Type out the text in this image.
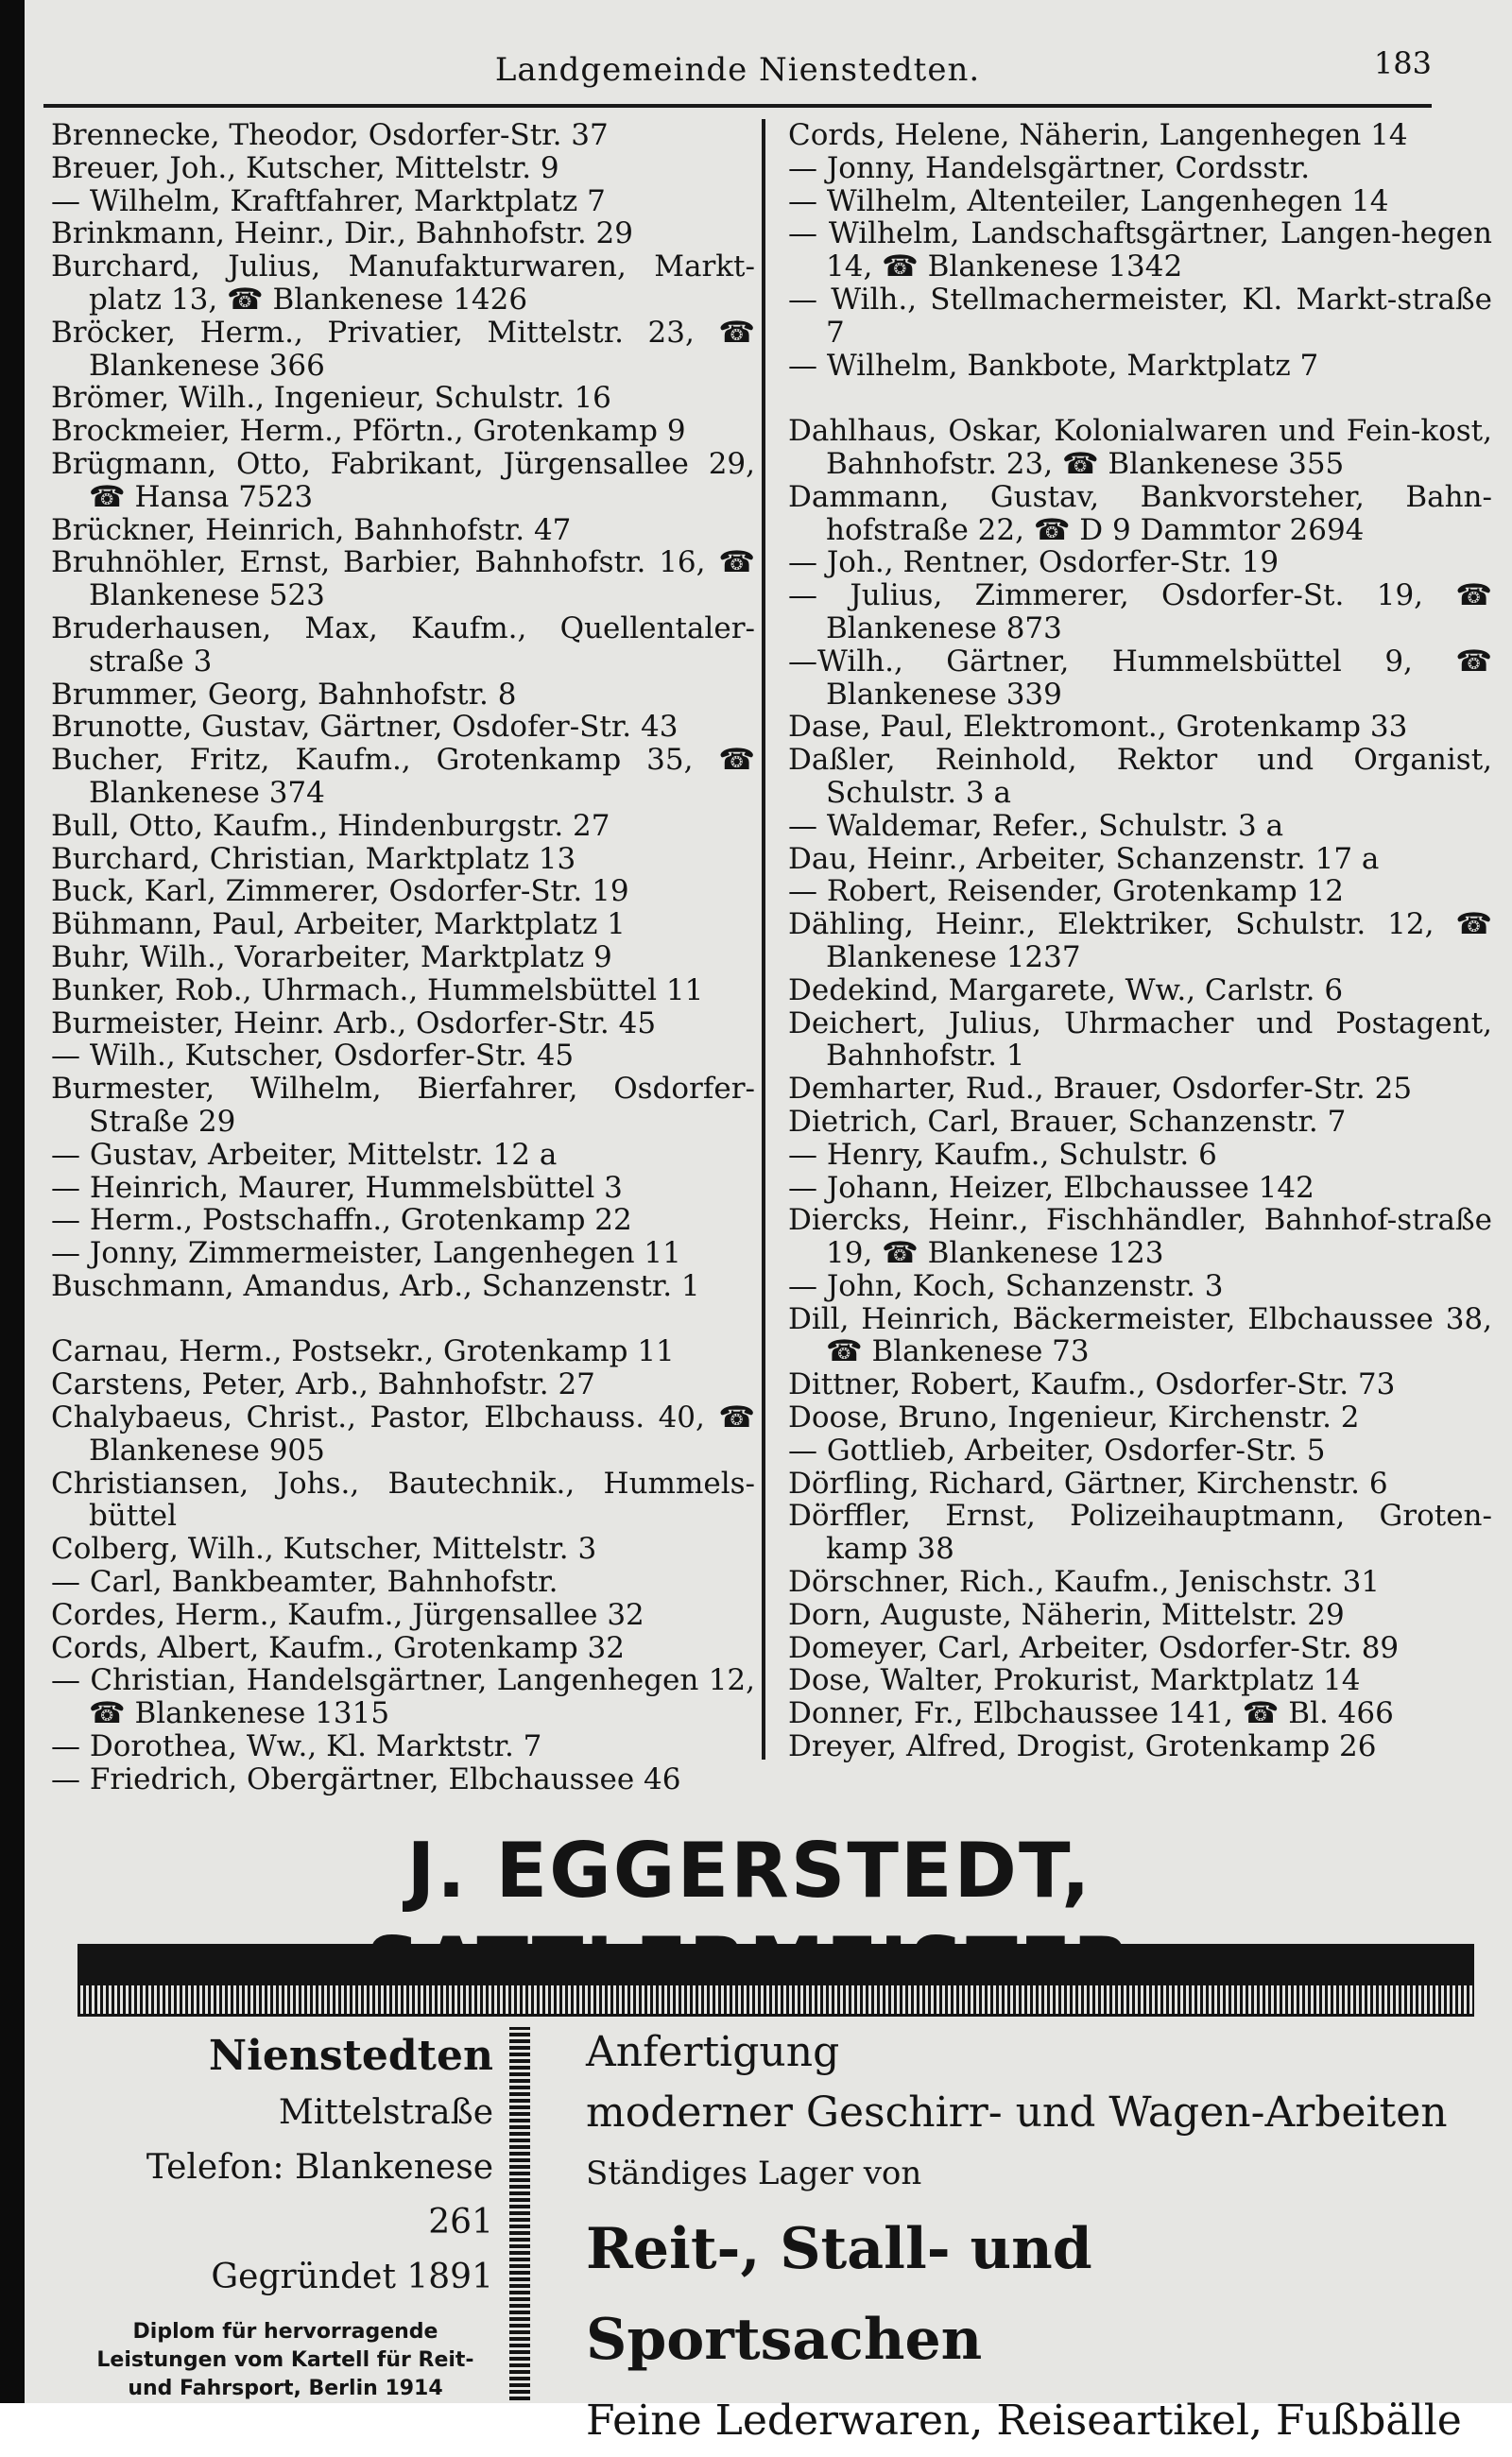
Landgemeinde Nienstedten.	183
Brennecke, Theodor, Osdorfer-Str. 37
Breuer, Joh., Kutscher, Mittelstr. 9
— Wilhelm, Kraftfahrer, Marktplatz 7
Brinkmann, Heinr., Dir., Bahnhofstr. 29
Burchard, Julius, Manufakturwaren, Markt-platz 13, ☎ Blankenese 1426
Bröcker, Herm., Privatier, Mittelstr. 23, ☎ Blankenese 366
Brömer, Wilh., Ingenieur, Schulstr. 16
Brockmeier, Herm., Pförtn., Grotenkamp 9
Brügmann, Otto, Fabrikant, Jürgensallee 29, ☎ Hansa 7523
Brückner, Heinrich, Bahnhofstr. 47
Bruhnöhler, Ernst, Barbier, Bahnhofstr. 16, ☎ Blankenese 523
Bruderhausen, Max, Kaufm., Quellentaler-straße 3
Brummer, Georg, Bahnhofstr. 8
Brunotte, Gustav, Gärtner, Osdofer-Str. 43
Bucher, Fritz, Kaufm., Grotenkamp 35, ☎ Blankenese 374
Bull, Otto, Kaufm., Hindenburgstr. 27
Burchard, Christian, Marktplatz 13
Buck, Karl, Zimmerer, Osdorfer-Str. 19
Bühmann, Paul, Arbeiter, Marktplatz 1
Buhr, Wilh., Vorarbeiter, Marktplatz 9
Bunker, Rob., Uhrmach., Hummelsbüttel 11
Burmeister, Heinr. Arb., Osdorfer-Str. 45
— Wilh., Kutscher, Osdorfer-Str. 45
Burmester, Wilhelm, Bierfahrer, Osdorfer-Straße 29
— Gustav, Arbeiter, Mittelstr. 12 a
— Heinrich, Maurer, Hummelsbüttel 3
— Herm., Postschaffn., Grotenkamp 22
— Jonny, Zimmermeister, Langenhegen 11
Buschmann, Amandus, Arb., Schanzenstr. 1
Carnau, Herm., Postsekr., Grotenkamp 11
Carstens, Peter, Arb., Bahnhofstr. 27
Chalybaeus, Christ., Pastor, Elbchauss. 40, ☎ Blankenese 905
Christiansen, Johs., Bautechnik., Hummels-büttel
Colberg, Wilh., Kutscher, Mittelstr. 3
— Carl, Bankbeamter, Bahnhofstr.
Cordes, Herm., Kaufm., Jürgensallee 32
Cords, Albert, Kaufm., Grotenkamp 32
— Christian, Handelsgärtner, Langenhegen 12, ☎ Blankenese 1315
— Dorothea, Ww., Kl. Marktstr. 7
— Friedrich, Obergärtner, Elbchaussee 46
Cords, Helene, Näherin, Langenhegen 14
— Jonny, Handelsgärtner, Cordsstr.
— Wilhelm, Altenteiler, Langenhegen 14
— Wilhelm, Landschaftsgärtner, Langen-hegen 14, ☎ Blankenese 1342
— Wilh., Stellmachermeister, Kl. Markt-straße 7
— Wilhelm, Bankbote, Marktplatz 7
Dahlhaus, Oskar, Kolonialwaren und Fein-kost, Bahnhofstr. 23, ☎ Blankenese 355
Dammann, Gustav, Bankvorsteher, Bahn-hofstraße 22, ☎ D 9 Dammtor 2694
— Joh., Rentner, Osdorfer-Str. 19
— Julius, Zimmerer, Osdorfer-St. 19, ☎ Blankenese 873
—Wilh., Gärtner, Hummelsbüttel 9, ☎ Blankenese 339
Dase, Paul, Elektromont., Grotenkamp 33
Daßler, Reinhold, Rektor und Organist, Schulstr. 3 a
— Waldemar, Refer., Schulstr. 3 a
Dau, Heinr., Arbeiter, Schanzenstr. 17 a
— Robert, Reisender, Grotenkamp 12
Dähling, Heinr., Elektriker, Schulstr. 12, ☎ Blankenese 1237
Dedekind, Margarete, Ww., Carlstr. 6
Deichert, Julius, Uhrmacher und Postagent, Bahnhofstr. 1
Demharter, Rud., Brauer, Osdorfer-Str. 25
Dietrich, Carl, Brauer, Schanzenstr. 7
— Henry, Kaufm., Schulstr. 6
— Johann, Heizer, Elbchaussee 142
Diercks, Heinr., Fischhändler, Bahnhof-straße 19, ☎ Blankenese 123
— John, Koch, Schanzenstr. 3
Dill, Heinrich, Bäckermeister, Elbchaussee 38, ☎ Blankenese 73
Dittner, Robert, Kaufm., Osdorfer-Str. 73
Doose, Bruno, Ingenieur, Kirchenstr. 2
— Gottlieb, Arbeiter, Osdorfer-Str. 5
Dörfling, Richard, Gärtner, Kirchenstr. 6
Dörffler, Ernst, Polizeihauptmann, Groten-kamp 38
Dörschner, Rich., Kaufm., Jenischstr. 31
Dorn, Auguste, Näherin, Mittelstr. 29
Domeyer, Carl, Arbeiter, Osdorfer-Str. 89
Dose, Walter, Prokurist, Marktplatz 14
Donner, Fr., Elbchaussee 141, ☎ Bl. 466
Dreyer, Alfred, Drogist, Grotenkamp 26
J. EGGERSTEDT,
Nienstedten
Mittelstraße
Telefon: Blankenese 261
Gegründet 1891
Diplom für hervorragende Leistungen vom Kartell für Reit- und Fahrsport, Berlin 1914
Anfertigung
moderner Geschirr- und Wagen-Arbeiten
Ständiges Lager von
Reit-, Stall- und Sportsachen
Feine Lederwaren, Reiseartikel, Fußbälle
